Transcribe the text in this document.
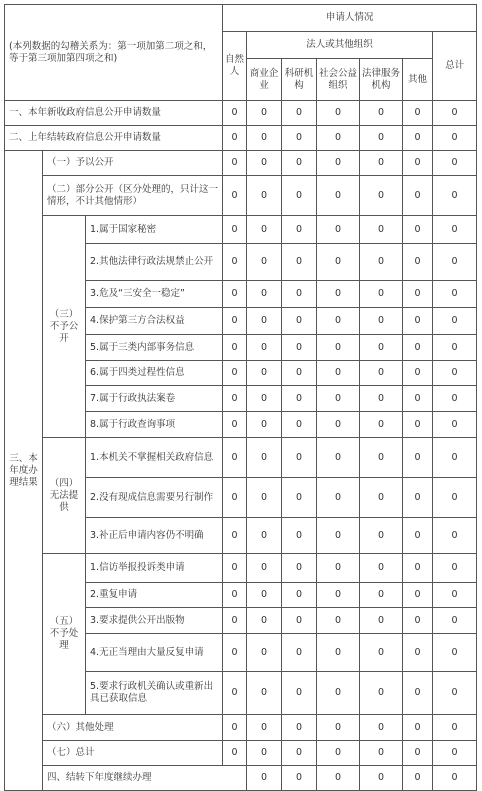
(本列数据的勾稽关系为：第一项加第二项之和，等于第三项加第四项之和)			申请人情况							
			自然人	法人或其他组织					总计	
				商业企业	科研机构	社会公益组织	法律服务机构	其他		
一、本年新收政府信息公开申请数量			0	0	0	0	0	0	0	
二、上年结转政府信息公开申请数量			0	0	0	0	0	0	0	
三、本年度办理结果	（一）予以公开		0	0	0	0	0	0	0	
	（二）部分公开（区分处理的，只计这一情形，不计其他情形）		0	0	0	0	0	0	0	
	（三）不予公开	1.属于国家秘密	0	0	0	0	0	0	0	
		2.其他法律行政法规禁止公开	0	0	0	0	0	0	0	
		3.危及“三安全一稳定”	0	0	0	0	0	0	0	
		4.保护第三方合法权益	0	0	0	0	0	0	0	
		5.属于三类内部事务信息	0	0	0	0	0	0	0	
		6.属于四类过程性信息	0	0	0	0	0	0	0	
		7.属于行政执法案卷	0	0	0	0	0	0	0	
		8.属于行政查询事项	0	0	0	0	0	0	0	
	（四）无法提供	1.本机关不掌握相关政府信息	0	0	0	0	0	0	0	
		2.没有现成信息需要另行制作	0	0	0	0	0	0	0	
		3.补正后申请内容仍不明确	0	0	0	0	0	0	0	
	（五）不予处理	1.信访举报投诉类申请	0	0	0	0	0	0	0	
		2.重复申请	0	0	0	0	0	0	0	
		3.要求提供公开出版物	0	0	0	0	0	0	0	
		4.无正当理由大量反复申请	0	0	0	0	0	0	0	
		5.要求行政机关确认或重新出具已获取信息	0	0	0	0	0	0	0	
	（六）其他处理		0	0	0	0	0	0	0	
	（七）总计		0	0	0	0	0	0	0	
	四、结转下年度继续办理			0	0	0	0	0	0	
